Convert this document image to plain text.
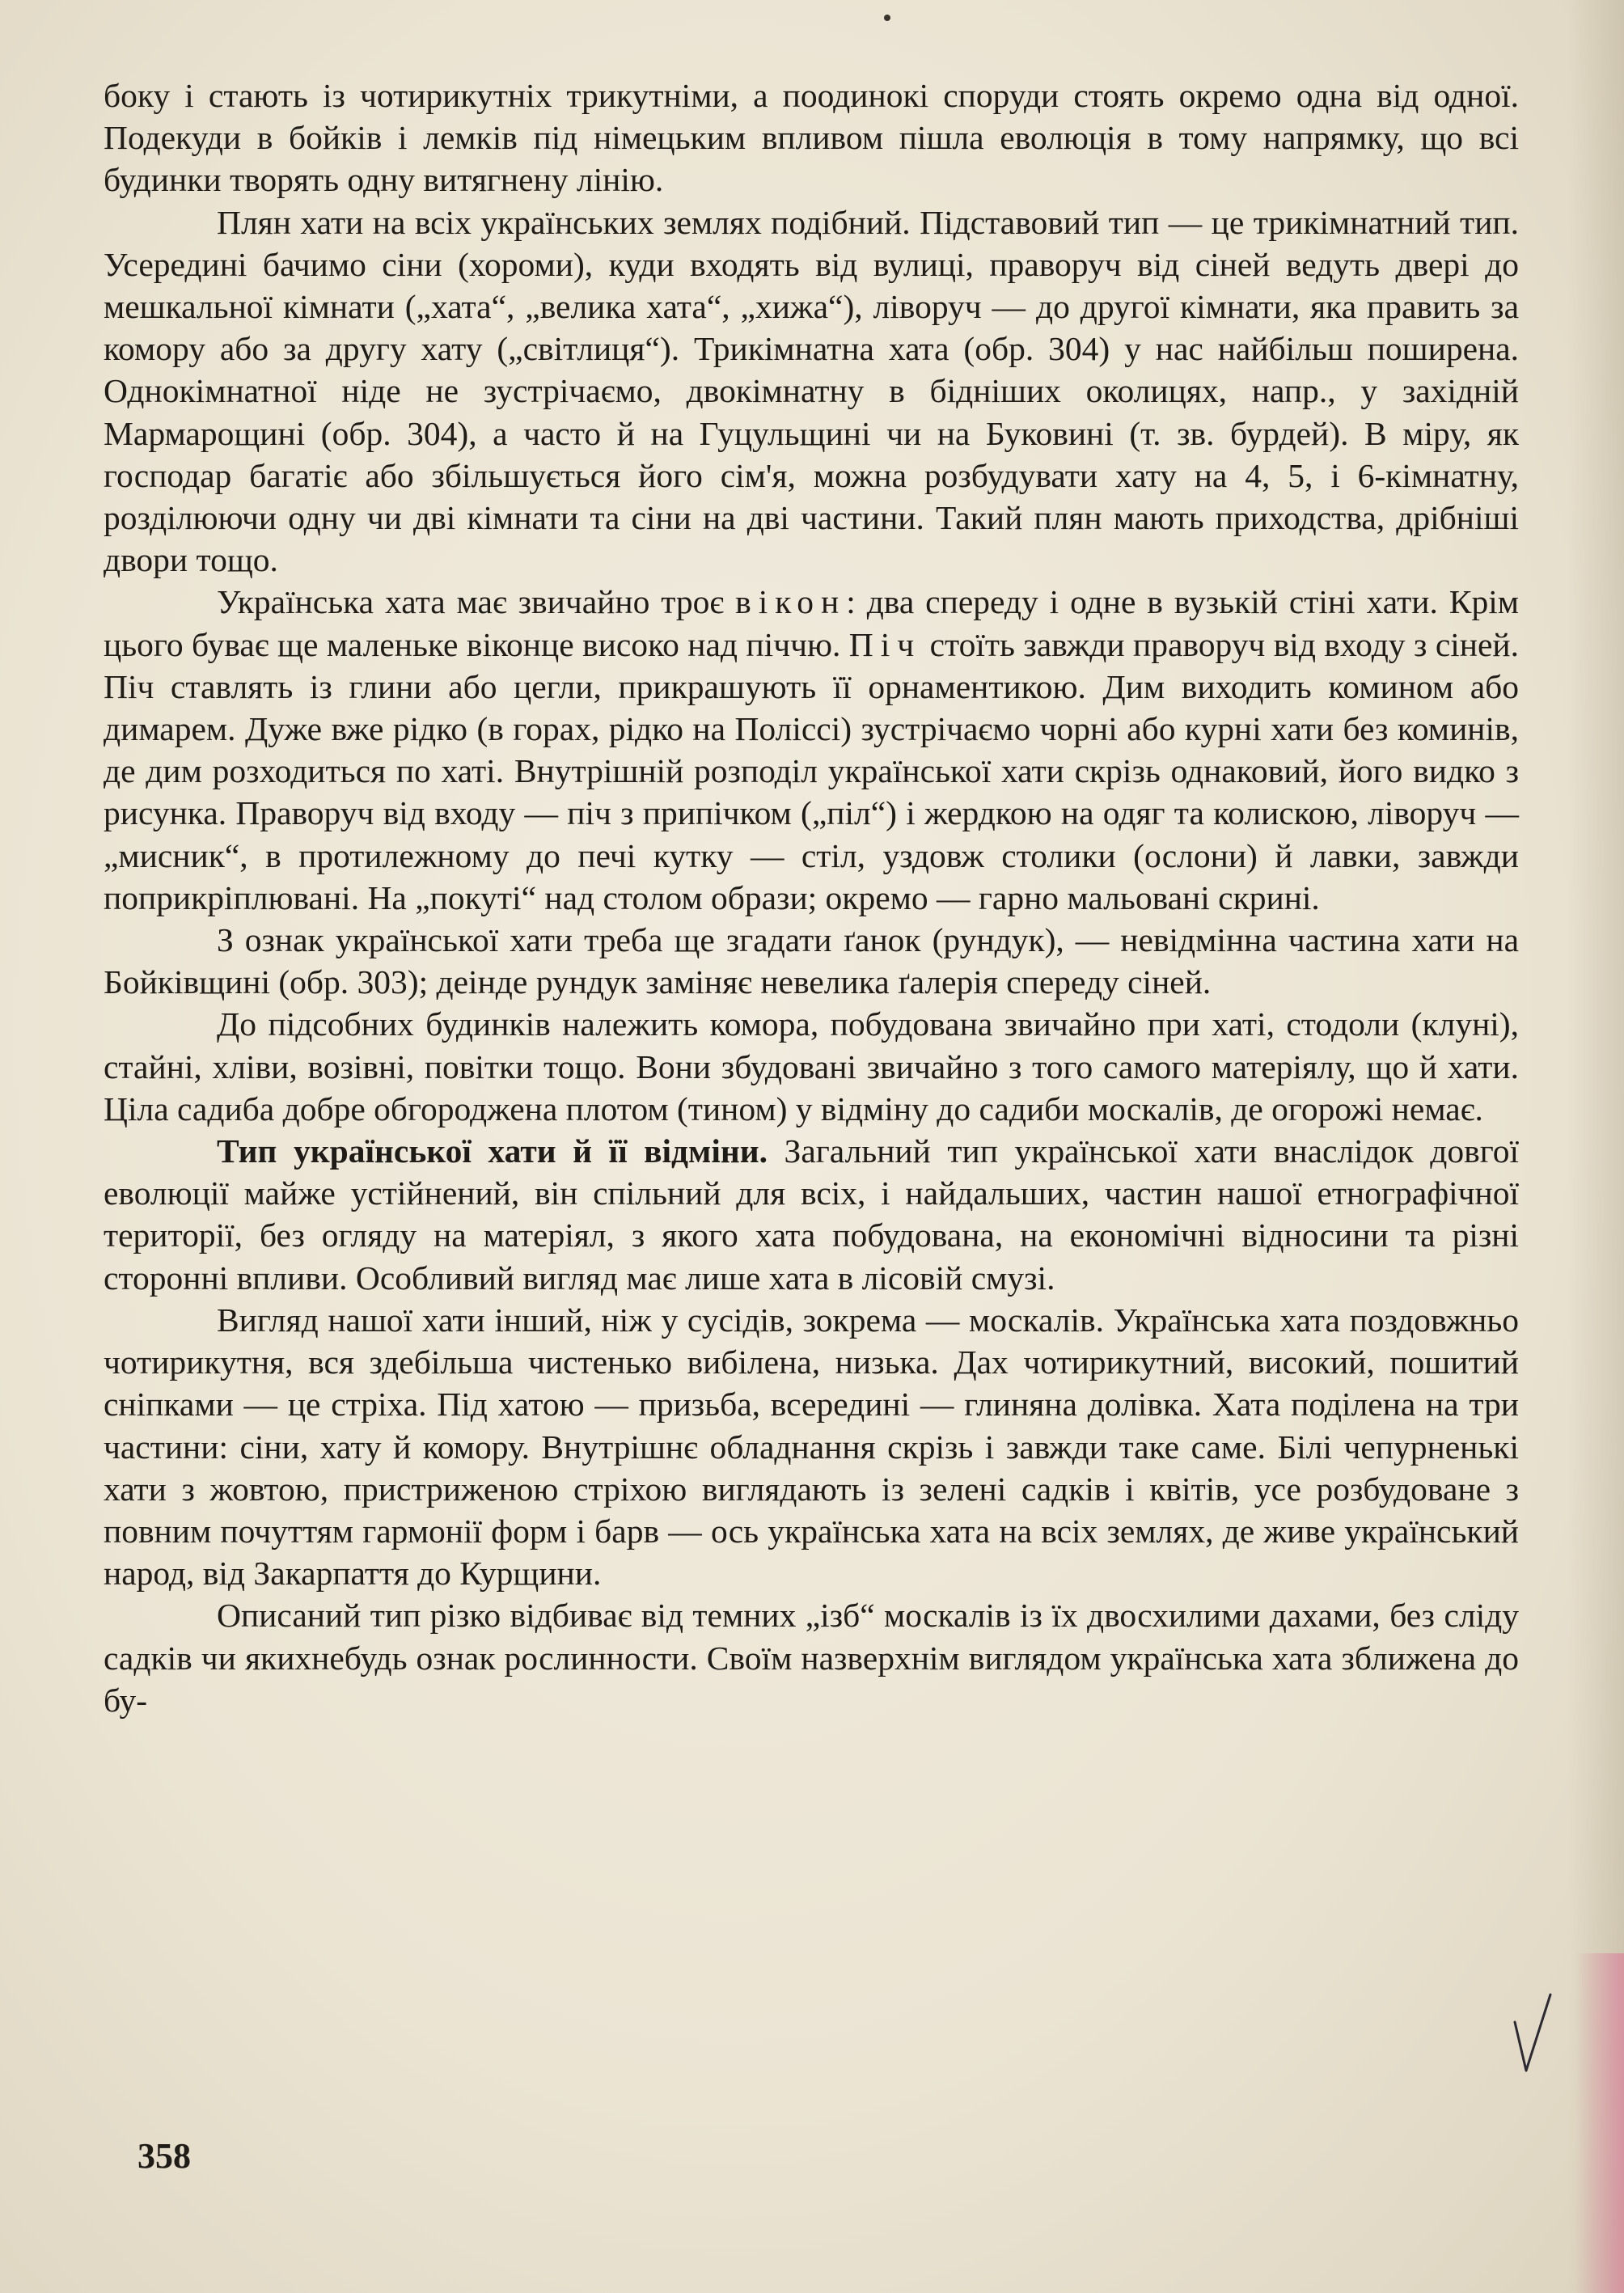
боку і стають із чотирикутніх трикутніми, а поодинокі споруди стоять окремо одна від одної. Подекуди в бойків і лемків під німецьким впливом пішла еволюція в тому напрямку, що всі будинки творять одну витягнену лінію.

Плян хати на всіх українських землях подібний. Підставовий тип — це трикімнатний тип. Усередині бачимо сіни (хороми), куди входять від вулиці, праворуч від сіней ведуть двері до мешкальної кімнати („хата“, „велика хата“, „хижа“), ліворуч — до другої кімнати, яка править за комору або за другу хату („світлиця“). Трикімнатна хата (обр. 304) у нас найбільш поширена. Однокімнатної ніде не зустрічаємо, двокімнатну в бідніших околицях, напр., у західній Мармарощині (обр. 304), а часто й на Гуцульщині чи на Буковині (т. зв. бурдей). В міру, як господар багатіє або збільшується його сім'я, можна розбудувати хату на 4, 5, і 6-кімнатну, розділюючи одну чи дві кімнати та сіни на дві частини. Такий плян мають приходства, дрібніші двори тощо.

Українська хата має звичайно троє вікон: два спереду і одне в вузькій стіні хати. Крім цього буває ще маленьке віконце високо над піччю. Піч стоїть завжди праворуч від входу з сіней. Піч ставлять із глини або цегли, прикрашують її орнаментикою. Дим виходить комином або димарем. Дуже вже рідко (в горах, рідко на Поліссі) зустрічаємо чорні або курні хати без коминів, де дим розходиться по хаті. Внутрішній розподіл української хати скрізь однаковий, його видко з рисунка. Праворуч від входу — піч з припічком („піл“) і жердкою на одяг та колискою, ліворуч — „мисник“, в протилежному до печі кутку — стіл, уздовж столики (ослони) й лавки, завжди поприкріплювані. На „покуті“ над столом образи; окремо — гарно мальовані скрині.

З ознак української хати треба ще згадати ґанок (рундук), — невідмінна частина хати на Бойківщині (обр. 303); деінде рундук заміняє невелика ґалерія спереду сіней.

До підсобних будинків належить комора, побудована звичайно при хаті, стодоли (клуні), стайні, хліви, возівні, повітки тощо. Вони збудовані звичайно з того самого матеріялу, що й хати. Ціла садиба добре обгороджена плотом (тином) у відміну до садиби москалів, де огорожі немає.

Тип української хати й її відміни. Загальний тип української хати внаслідок довгої еволюції майже устійнений, він спільний для всіх, і найдальших, частин нашої етнографічної території, без огляду на матеріял, з якого хата побудована, на економічні відносини та різні сторонні впливи. Особливий вигляд має лише хата в лісовій смузі.

Вигляд нашої хати інший, ніж у сусідів, зокрема — москалів. Українська хата поздовжньо чотирикутня, вся здебільша чистенько вибілена, низька. Дах чотирикутний, високий, пошитий сніпками — це стріха. Під хатою — призьба, всередині — глиняна долівка. Хата поділена на три частини: сіни, хату й комору. Внутрішнє обладнання скрізь і завжди таке саме. Білі чепурненькі хати з жовтою, пристриженою стріхою виглядають із зелені садків і квітів, усе розбудоване з повним почуттям гармонії форм і барв — ось українська хата на всіх землях, де живе український народ, від Закарпаття до Курщини.

Описаний тип різко відбиває від темних „ізб“ москалів із їх двосхилими дахами, без сліду садків чи якихнебудь ознак рослинности. Своїм назверхнім виглядом українська хата зближена до бу-

358
